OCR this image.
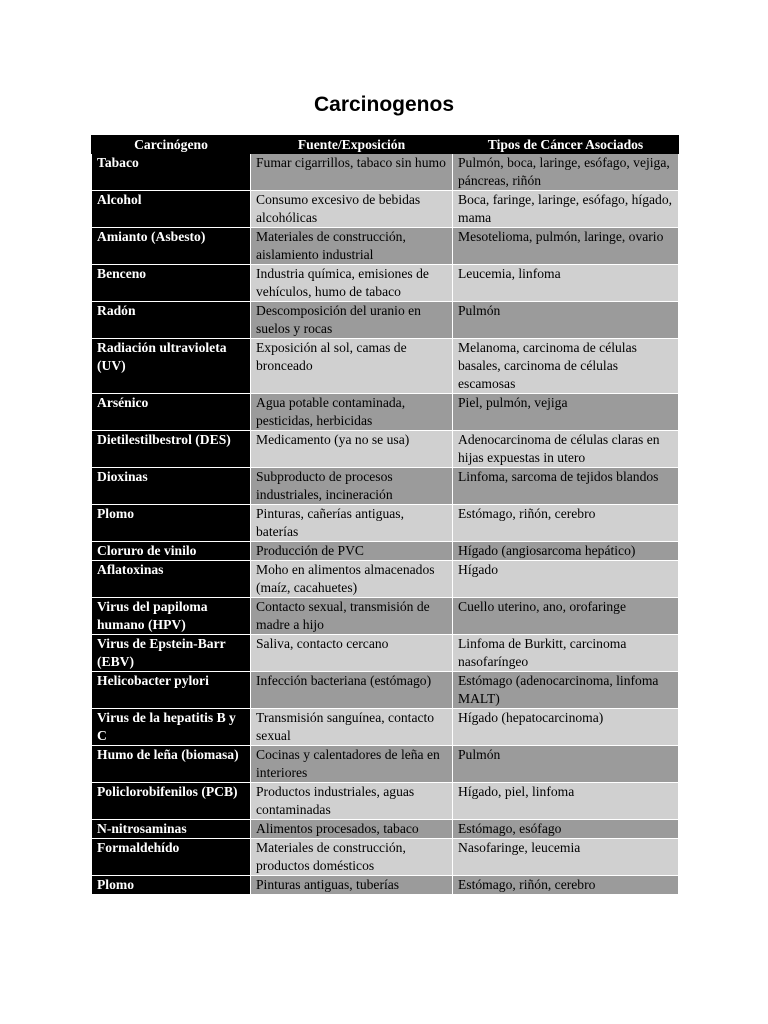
Carcinogenos
Carcinógeno	Fuente/Exposición	Tipos de Cáncer Asociados
Tabaco	Fumar cigarrillos, tabaco sin humo	Pulmón, boca, laringe, esófago, vejiga, páncreas, riñón
Alcohol	Consumo excesivo de bebidas alcohólicas	Boca, faringe, laringe, esófago, hígado, mama
Amianto (Asbesto)	Materiales de construcción, aislamiento industrial	Mesotelioma, pulmón, laringe, ovario
Benceno	Industria química, emisiones de vehículos, humo de tabaco	Leucemia, linfoma
Radón	Descomposición del uranio en suelos y rocas	Pulmón
Radiación ultravioleta (UV)	Exposición al sol, camas de bronceado	Melanoma, carcinoma de células basales, carcinoma de células escamosas
Arsénico	Agua potable contaminada, pesticidas, herbicidas	Piel, pulmón, vejiga
Dietilestilbestrol (DES)	Medicamento (ya no se usa)	Adenocarcinoma de células claras en hijas expuestas in utero
Dioxinas	Subproducto de procesos industriales, incineración	Linfoma, sarcoma de tejidos blandos
Plomo	Pinturas, cañerías antiguas, baterías	Estómago, riñón, cerebro
Cloruro de vinilo	Producción de PVC	Hígado (angiosarcoma hepático)
Aflatoxinas	Moho en alimentos almacenados (maíz, cacahuetes)	Hígado
Virus del papiloma humano (HPV)	Contacto sexual, transmisión de madre a hijo	Cuello uterino, ano, orofaringe
Virus de Epstein-Barr (EBV)	Saliva, contacto cercano	Linfoma de Burkitt, carcinoma nasofaríngeo
Helicobacter pylori	Infección bacteriana (estómago)	Estómago (adenocarcinoma, linfoma MALT)
Virus de la hepatitis B y C	Transmisión sanguínea, contacto sexual	Hígado (hepatocarcinoma)
Humo de leña (biomasa)	Cocinas y calentadores de leña en interiores	Pulmón
Policlorobifenilos (PCB)	Productos industriales, aguas contaminadas	Hígado, piel, linfoma
N-nitrosaminas	Alimentos procesados, tabaco	Estómago, esófago
Formaldehído	Materiales de construcción, productos domésticos	Nasofaringe, leucemia
Plomo	Pinturas antiguas, tuberías	Estómago, riñón, cerebro
